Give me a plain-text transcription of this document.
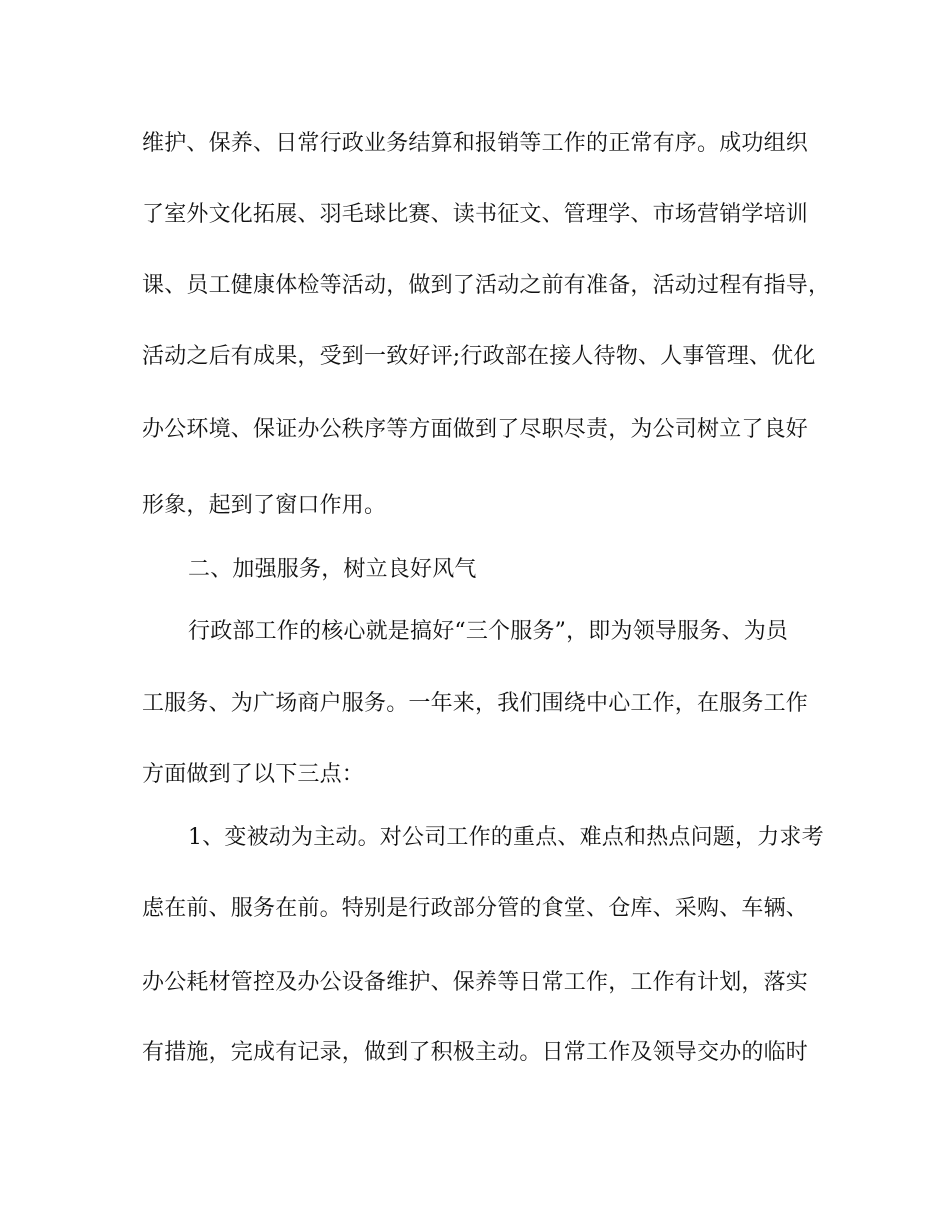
维护、保养、日常行政业务结算和报销等工作的正常有序。成功组织
了室外文化拓展、羽毛球比赛、读书征文、管理学、市场营销学培训
课、员工健康体检等活动，做到了活动之前有准备，活动过程有指导，
活动之后有成果，受到一致好评;行政部在接人待物、人事管理、优化
办公环境、保证办公秩序等方面做到了尽职尽责，为公司树立了良好
形象，起到了窗口作用。
二、加强服务，树立良好风气
行政部工作的核心就是搞好“三个服务”，即为领导服务、为员
工服务、为广场商户服务。一年来，我们围绕中心工作，在服务工作
方面做到了以下三点：
1、变被动为主动。对公司工作的重点、难点和热点问题，力求考
虑在前、服务在前。特别是行政部分管的食堂、仓库、采购、车辆、
办公耗材管控及办公设备维护、保养等日常工作，工作有计划，落实
有措施，完成有记录，做到了积极主动。日常工作及领导交办的临时
